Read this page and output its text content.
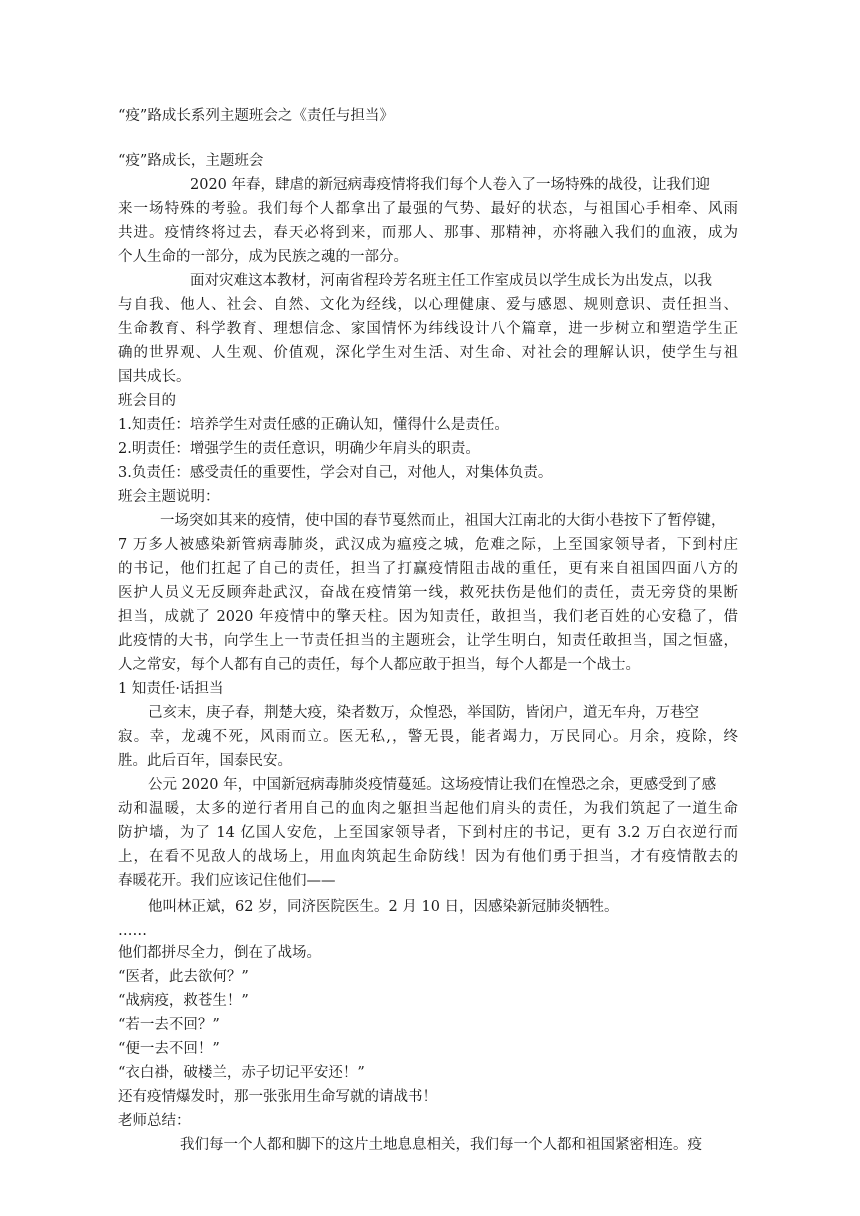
“疫”路成长系列主题班会之《责任与担当》
“疫”路成长，主题班会
2020 年春，肆虐的新冠病毒疫情将我们每个人卷入了一场特殊的战役，让我们迎
来一场特殊的考验。我们每个人都拿出了最强的气势、最好的状态，与祖国心手相牵、风雨
共进。疫情终将过去，春天必将到来，而那人、那事、那精神，亦将融入我们的血液，成为
个人生命的一部分，成为民族之魂的一部分。
面对灾难这本教材，河南省程玲芳名班主任工作室成员以学生成长为出发点，以我
与自我、他人、社会、自然、文化为经线，以心理健康、爱与感恩、规则意识、责任担当、
生命教育、科学教育、理想信念、家国情怀为纬线设计八个篇章，进一步树立和塑造学生正
确的世界观、人生观、价值观，深化学生对生活、对生命、对社会的理解认识，使学生与祖
国共成长。
班会目的
1.知责任：培养学生对责任感的正确认知，懂得什么是责任。
2.明责任：增强学生的责任意识，明确少年肩头的职责。
3.负责任：感受责任的重要性，学会对自己，对他人，对集体负责。
班会主题说明：
一场突如其来的疫情，使中国的春节戛然而止，祖国大江南北的大街小巷按下了暂停键，
7 万多人被感染新管病毒肺炎，武汉成为瘟疫之城，危难之际，上至国家领导者，下到村庄
的书记，他们扛起了自己的责任，担当了打赢疫情阻击战的重任，更有来自祖国四面八方的
医护人员义无反顾奔赴武汉，奋战在疫情第一线，救死扶伤是他们的责任，责无旁贷的果断
担当，成就了 2020 年疫情中的擎天柱。因为知责任，敢担当，我们老百姓的心安稳了，借
此疫情的大书，向学生上一节责任担当的主题班会，让学生明白，知责任敢担当，国之恒盛，
人之常安，每个人都有自己的责任，每个人都应敢于担当，每个人都是一个战士。
1 知责任·话担当
己亥末，庚子春，荆楚大疫，染者数万，众惶恐，举国防，皆闭户，道无车舟，万巷空
寂。幸，龙魂不死，风雨而立。医无私,，警无畏，能者竭力，万民同心。月余，疫除，终
胜。此后百年，国泰民安。
公元 2020 年，中国新冠病毒肺炎疫情蔓延。这场疫情让我们在惶恐之余，更感受到了感
动和温暖，太多的逆行者用自己的血肉之躯担当起他们肩头的责任，为我们筑起了一道生命
防护墙，为了 14 亿国人安危，上至国家领导者，下到村庄的书记，更有 3.2 万白衣逆行而
上，在看不见敌人的战场上，用血肉筑起生命防线！因为有他们勇于担当，才有疫情散去的
春暖花开。我们应该记住他们——
他叫林正斌，62 岁，同济医院医生。2 月 10 日，因感染新冠肺炎牺牲。
……
他们都拼尽全力，倒在了战场。
“医者，此去欲何？”
“战病疫，救苍生！”
“若一去不回？”
“便一去不回！”
“衣白褂，破楼兰，赤子切记平安还！”
还有疫情爆发时，那一张张用生命写就的请战书！
老师总结：
我们每一个人都和脚下的这片土地息息相关，我们每一个人都和祖国紧密相连。疫
